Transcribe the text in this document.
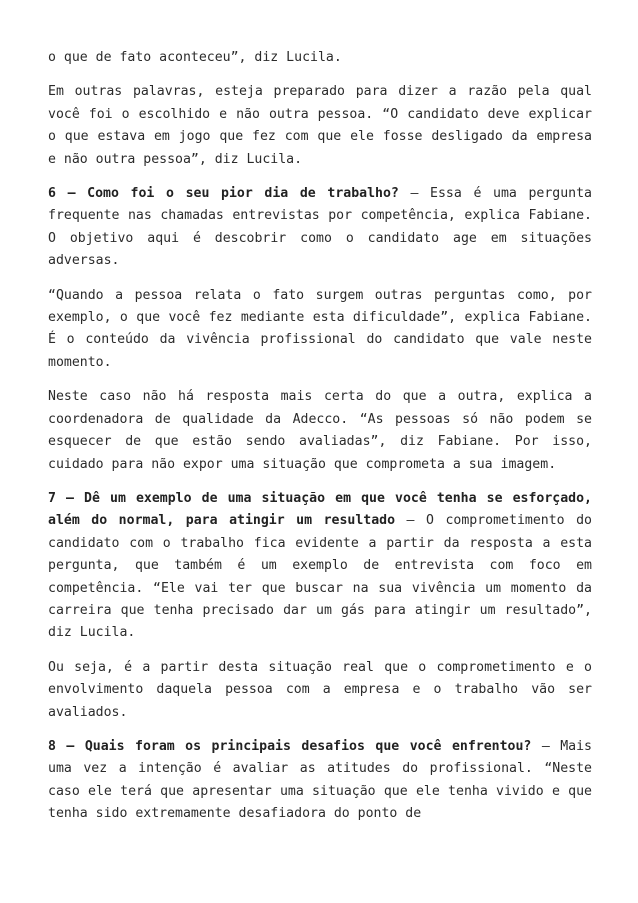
o que de fato aconteceu”, diz Lucila.

Em outras palavras, esteja preparado para dizer a razão pela qual você foi o escolhido e não outra pessoa. “O candidato deve explicar o que estava em jogo que fez com que ele fosse desligado da empresa e não outra pessoa”, diz Lucila.

6 – Como foi o seu pior dia de trabalho? – Essa é uma pergunta frequente nas chamadas entrevistas por competência, explica Fabiane. O objetivo aqui é descobrir como o candidato age em situações adversas.

“Quando a pessoa relata o fato surgem outras perguntas como, por exemplo, o que você fez mediante esta dificuldade”, explica Fabiane. É o conteúdo da vivência profissional do candidato que vale neste momento.

Neste caso não há resposta mais certa do que a outra, explica a coordenadora de qualidade da Adecco. “As pessoas só não podem se esquecer de que estão sendo avaliadas”, diz Fabiane. Por isso, cuidado para não expor uma situação que comprometa a sua imagem.

7 – Dê um exemplo de uma situação em que você tenha se esforçado, além do normal, para atingir um resultado – O comprometimento do candidato com o trabalho fica evidente a partir da resposta a esta pergunta, que também é um exemplo de entrevista com foco em competência. “Ele vai ter que buscar na sua vivência um momento da carreira que tenha precisado dar um gás para atingir um resultado”, diz Lucila.

Ou seja, é a partir desta situação real que o comprometimento e o envolvimento daquela pessoa com a empresa e o trabalho vão ser avaliados.

8 – Quais foram os principais desafios que você enfrentou? – Mais uma vez a intenção é avaliar as atitudes do profissional. “Neste caso ele terá que apresentar uma situação que ele tenha vivido e que tenha sido extremamente desafiadora do ponto de
